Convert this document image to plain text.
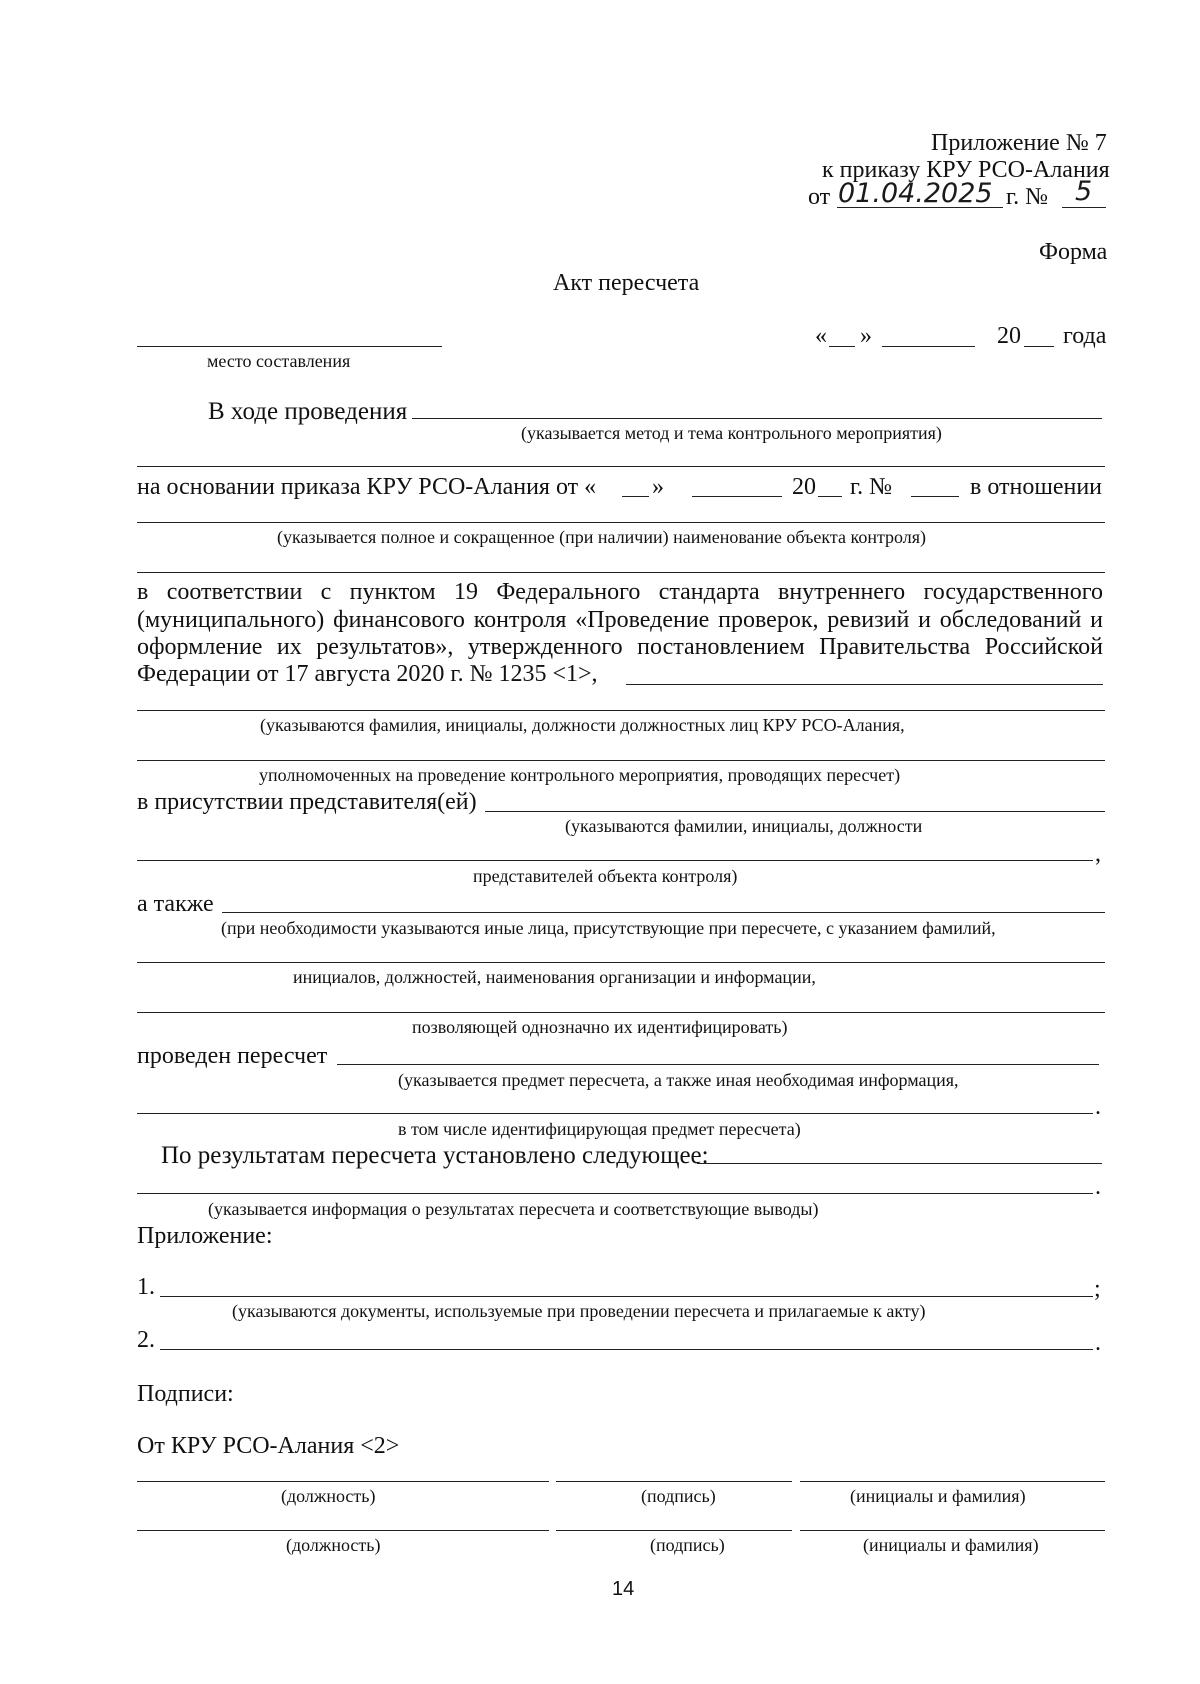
Приложение № 7
к приказу КРУ РСО-Алания
от 01.04.2025 г. № 5
Форма
Акт пересчета
место составления
« »	20 года
В ходе проведения
(указывается метод и тема контрольного мероприятия)
на основании приказа КРУ РСО-Алания от « »	20 г. №	в отношении
(указывается полное и сокращенное (при наличии) наименование объекта контроля)
в соответствии с пунктом 19 Федерального стандарта внутреннего государственного
(муниципального) финансового контроля «Проведение проверок, ревизий и обследований и
оформление их результатов», утвержденного постановлением Правительства Российской
Федерации от 17 августа 2020 г. № 1235 <1>,
(указываются фамилия, инициалы, должности должностных лиц КРУ РСО-Алания,
уполномоченных на проведение контрольного мероприятия, проводящих пересчет)
в присутствии представителя(ей)
(указываются фамилии, инициалы, должности
,
представителей объекта контроля)
а также
(при необходимости указываются иные лица, присутствующие при пересчете, с указанием фамилий,
инициалов, должностей, наименования организации и информации,
позволяющей однозначно их идентифицировать)
проведен пересчет
(указывается предмет пересчета, а также иная необходимая информация,
.
в том числе идентифицирующая предмет пересчета)
По результатам пересчета установлено следующее:
.
(указывается информация о результатах пересчета и соответствующие выводы)
Приложение:
1.	;
(указываются документы, используемые при проведении пересчета и прилагаемые к акту)
2.	.
Подписи:
От КРУ РСО-Алания <2>
(должность)	(подпись)	(инициалы и фамилия)
(должность)	(подпись)	(инициалы и фамилия)
14
